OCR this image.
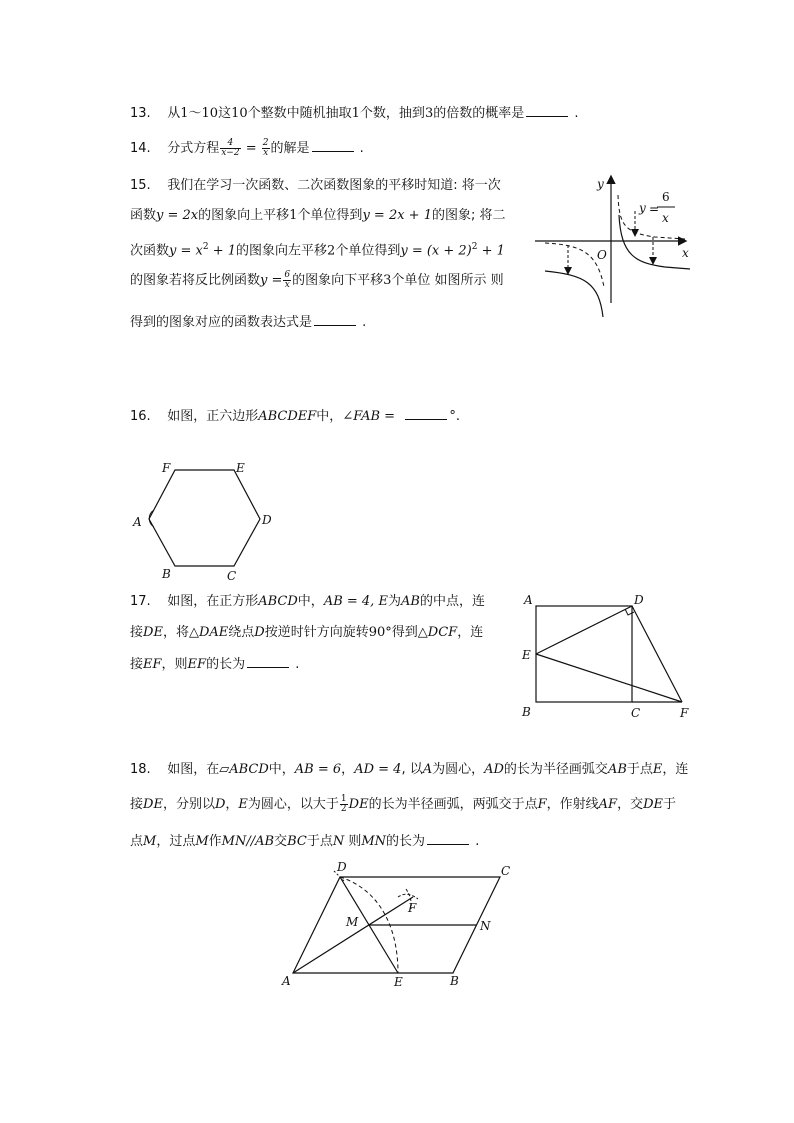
13. 从1～10这10个整数中随机抽取1个数，抽到3的倍数的概率是	.
14. 分式方程 $\frac{4}{x-2} = \frac{2}{x}$ 的解是	.
15. 我们在学习一次函数、二次函数图象的平移时知道: 将一次
函数y = 2x的图象向上平移1个单位得到y = 2x + 1的图象; 将二
次函数$y = x^2 + 1$的图象向左平移2个单位得到$y = (x + 2)^2 + 1$
的图象若将反比例函数$y = \frac{6}{x}$ 的图象向下平移3个单位 如图所示 则
得到的图象对应的函数表达式是	.
y
x
O
y =
6
x
16. 如图，正六边形ABCDEF中，∠FAB =	°.
F	E
A	D
B	C
17. 如图，在正方形ABCD中，AB = 4, E为AB的中点，连
接DE，将△DAE绕点D按逆时针方向旋转90°得到△DCF，连
接EF，则EF的长为	.
A	D
E
B	C	F
18. 如图，在▱ABCD中，AB = 6，AD = 4, 以A为圆心，AD的长为半径画弧交AB于点E，连
接DE，分别以D，E为圆心，以大于 $\frac{1}{2}$ DE的长为半径画弧，两弧交于点F，作射线AF，交DE于
点M，过点M作MN//AB交BC于点N 则MN的长为	.
D	C
F
M	N
A	E	B
